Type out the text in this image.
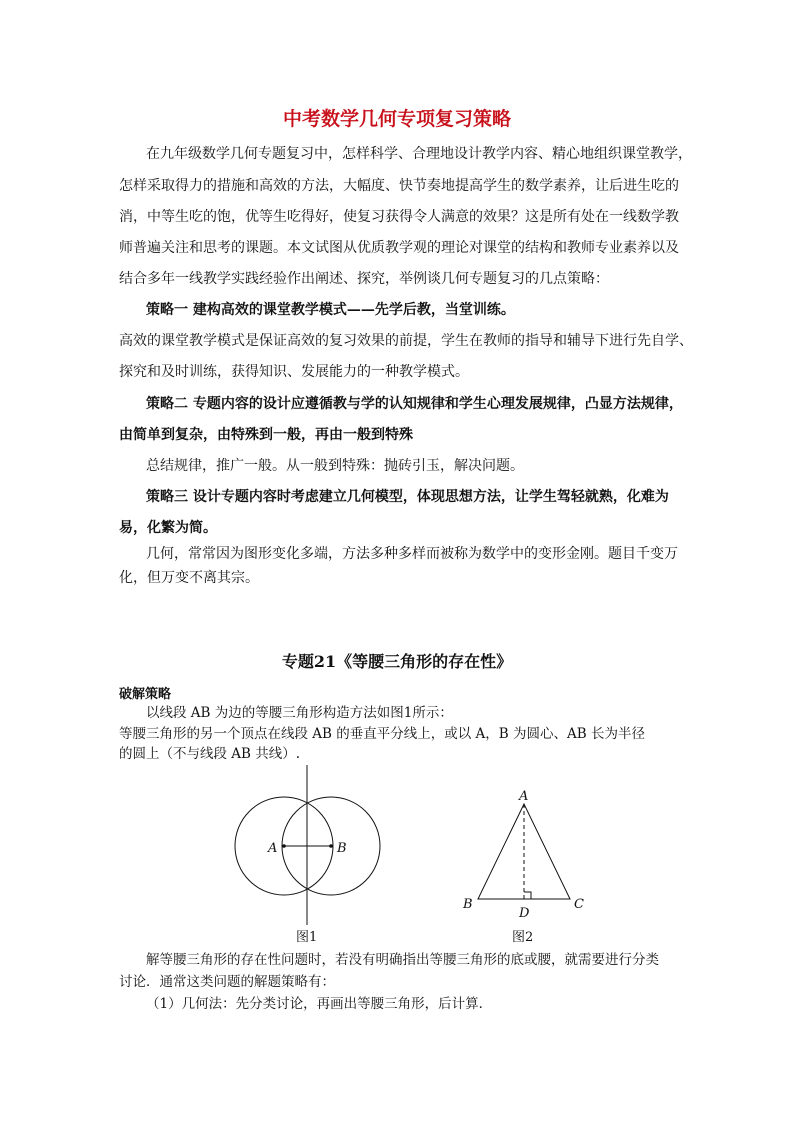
中考数学几何专项复习策略
在九年级数学几何专题复习中，怎样科学、合理地设计教学内容、精心地组织课堂教学，
怎样采取得力的措施和高效的方法，大幅度、快节奏地提高学生的数学素养，让后进生吃的
消，中等生吃的饱，优等生吃得好，使复习获得令人满意的效果？这是所有处在一线数学教
师普遍关注和思考的课题。本文试图从优质教学观的理论对课堂的结构和教师专业素养以及
结合多年一线教学实践经验作出阐述、探究，举例谈几何专题复习的几点策略：
策略一 建构高效的课堂教学模式——先学后教，当堂训练。
高效的课堂教学模式是保证高效的复习效果的前提，学生在教师的指导和辅导下进行先自学、
探究和及时训练，获得知识、发展能力的一种教学模式。
策略二 专题内容的设计应遵循教与学的认知规律和学生心理发展规律，凸显方法规律，
由简单到复杂，由特殊到一般，再由一般到特殊
总结规律，推广一般。从一般到特殊：抛砖引玉，解决问题。
策略三 设计专题内容时考虑建立几何模型，体现思想方法，让学生驾轻就熟，化难为
易，化繁为简。
几何，常常因为图形变化多端，方法多种多样而被称为数学中的变形金刚。题目千变万
化，但万变不离其宗。
专题21《等腰三角形的存在性》
破解策略
以线段 AB 为边的等腰三角形构造方法如图1所示：
等腰三角形的另一个顶点在线段 AB 的垂直平分线上，或以 A，B 为圆心、AB 长为半径
的圆上（不与线段 AB 共线）.
A	B
图1
A
B	C
D
图2
解等腰三角形的存在性问题时，若没有明确指出等腰三角形的底或腰，就需要进行分类
讨论．通常这类问题的解题策略有：
（1）几何法：先分类讨论，再画出等腰三角形，后计算．
